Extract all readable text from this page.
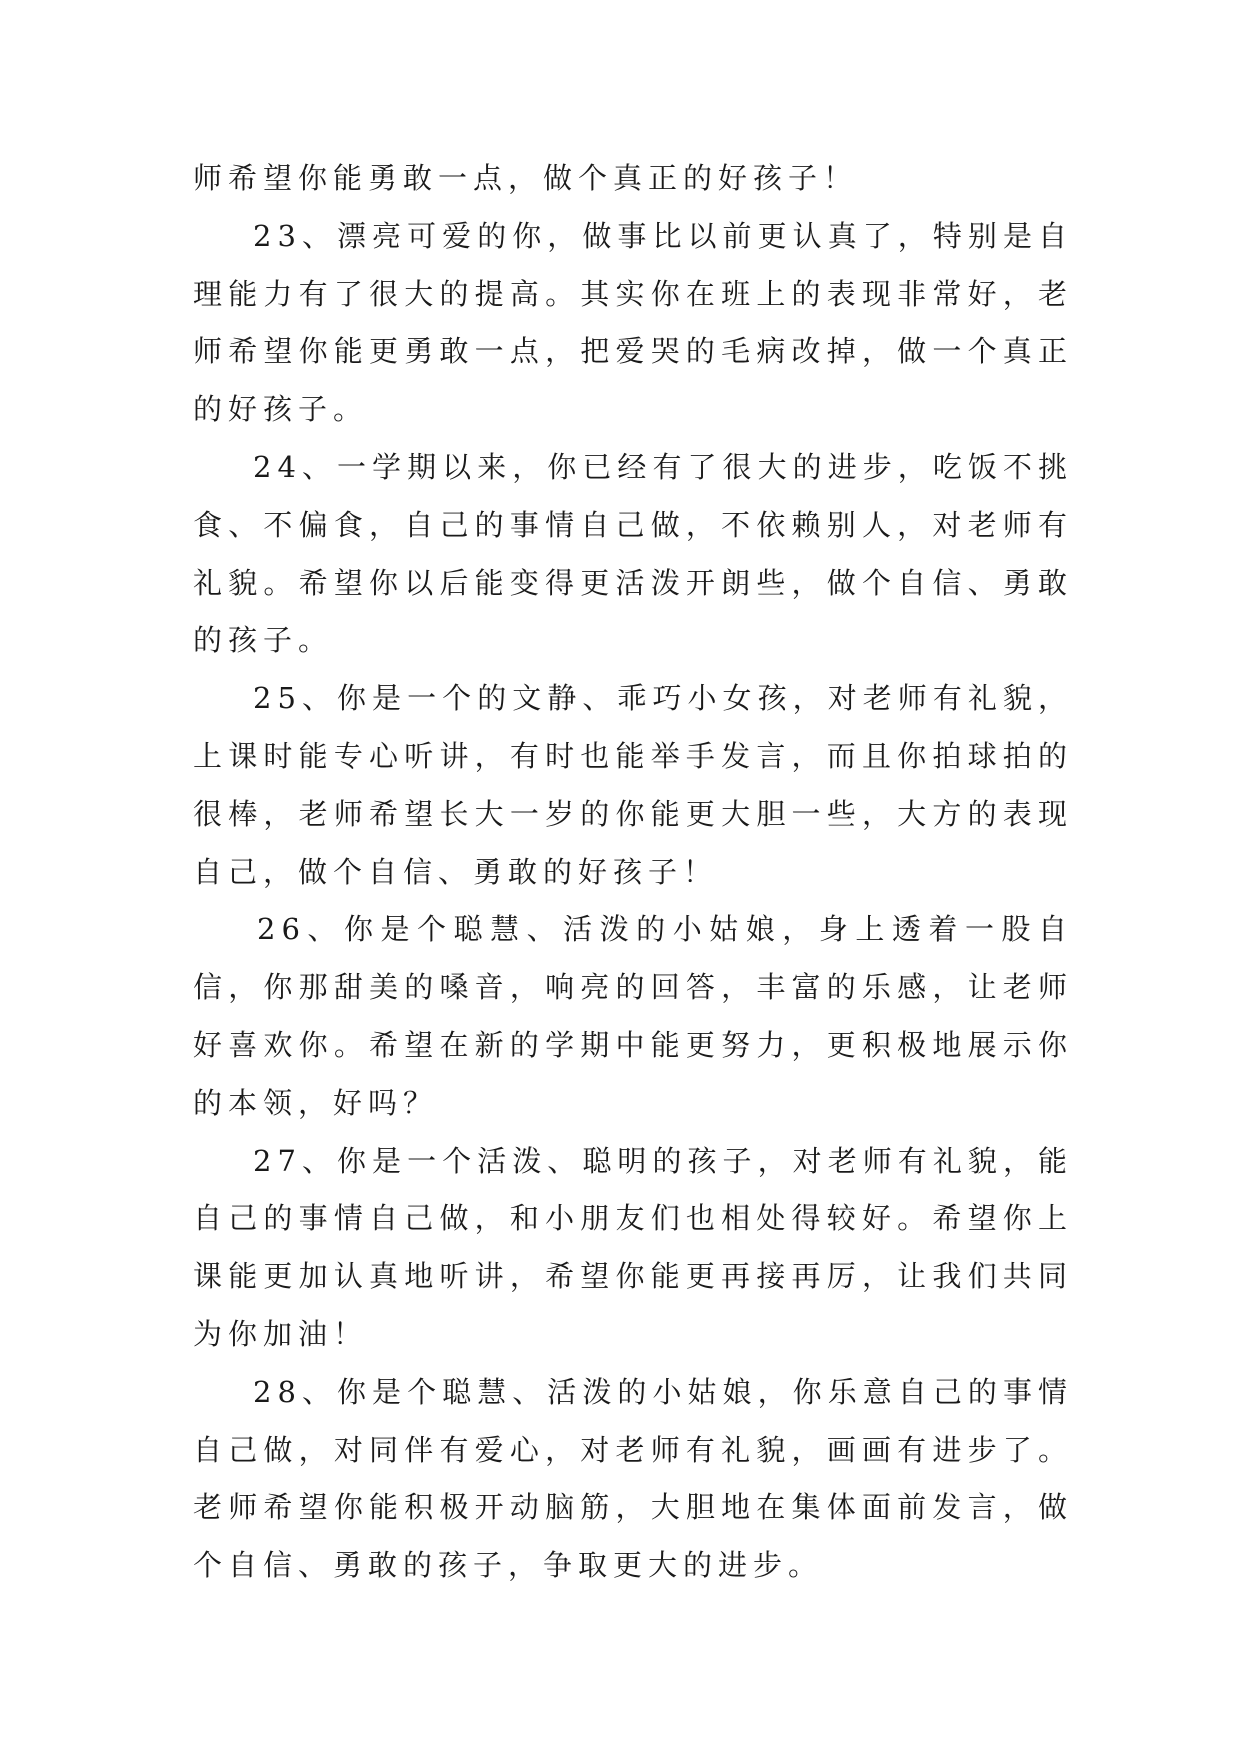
师希望你能勇敢一点，做个真正的好孩子！

23、漂亮可爱的你，做事比以前更认真了，特别是自理能力有了很大的提高。其实你在班上的表现非常好，老师希望你能更勇敢一点，把爱哭的毛病改掉，做一个真正的好孩子。

24、一学期以来，你已经有了很大的进步，吃饭不挑食、不偏食，自己的事情自己做，不依赖别人，对老师有礼貌。希望你以后能变得更活泼开朗些，做个自信、勇敢的孩子。

25、你是一个的文静、乖巧小女孩，对老师有礼貌，上课时能专心听讲，有时也能举手发言，而且你拍球拍的很棒，老师希望长大一岁的你能更大胆一些，大方的表现自己，做个自信、勇敢的好孩子！

26、你是个聪慧、活泼的小姑娘，身上透着一股自信，你那甜美的嗓音，响亮的回答，丰富的乐感，让老师好喜欢你。希望在新的学期中能更努力，更积极地展示你的本领，好吗？

27、你是一个活泼、聪明的孩子，对老师有礼貌，能自己的事情自己做，和小朋友们也相处得较好。希望你上课能更加认真地听讲，希望你能更再接再厉，让我们共同为你加油！

28、你是个聪慧、活泼的小姑娘，你乐意自己的事情自己做，对同伴有爱心，对老师有礼貌，画画有进步了。老师希望你能积极开动脑筋，大胆地在集体面前发言，做个自信、勇敢的孩子，争取更大的进步。
